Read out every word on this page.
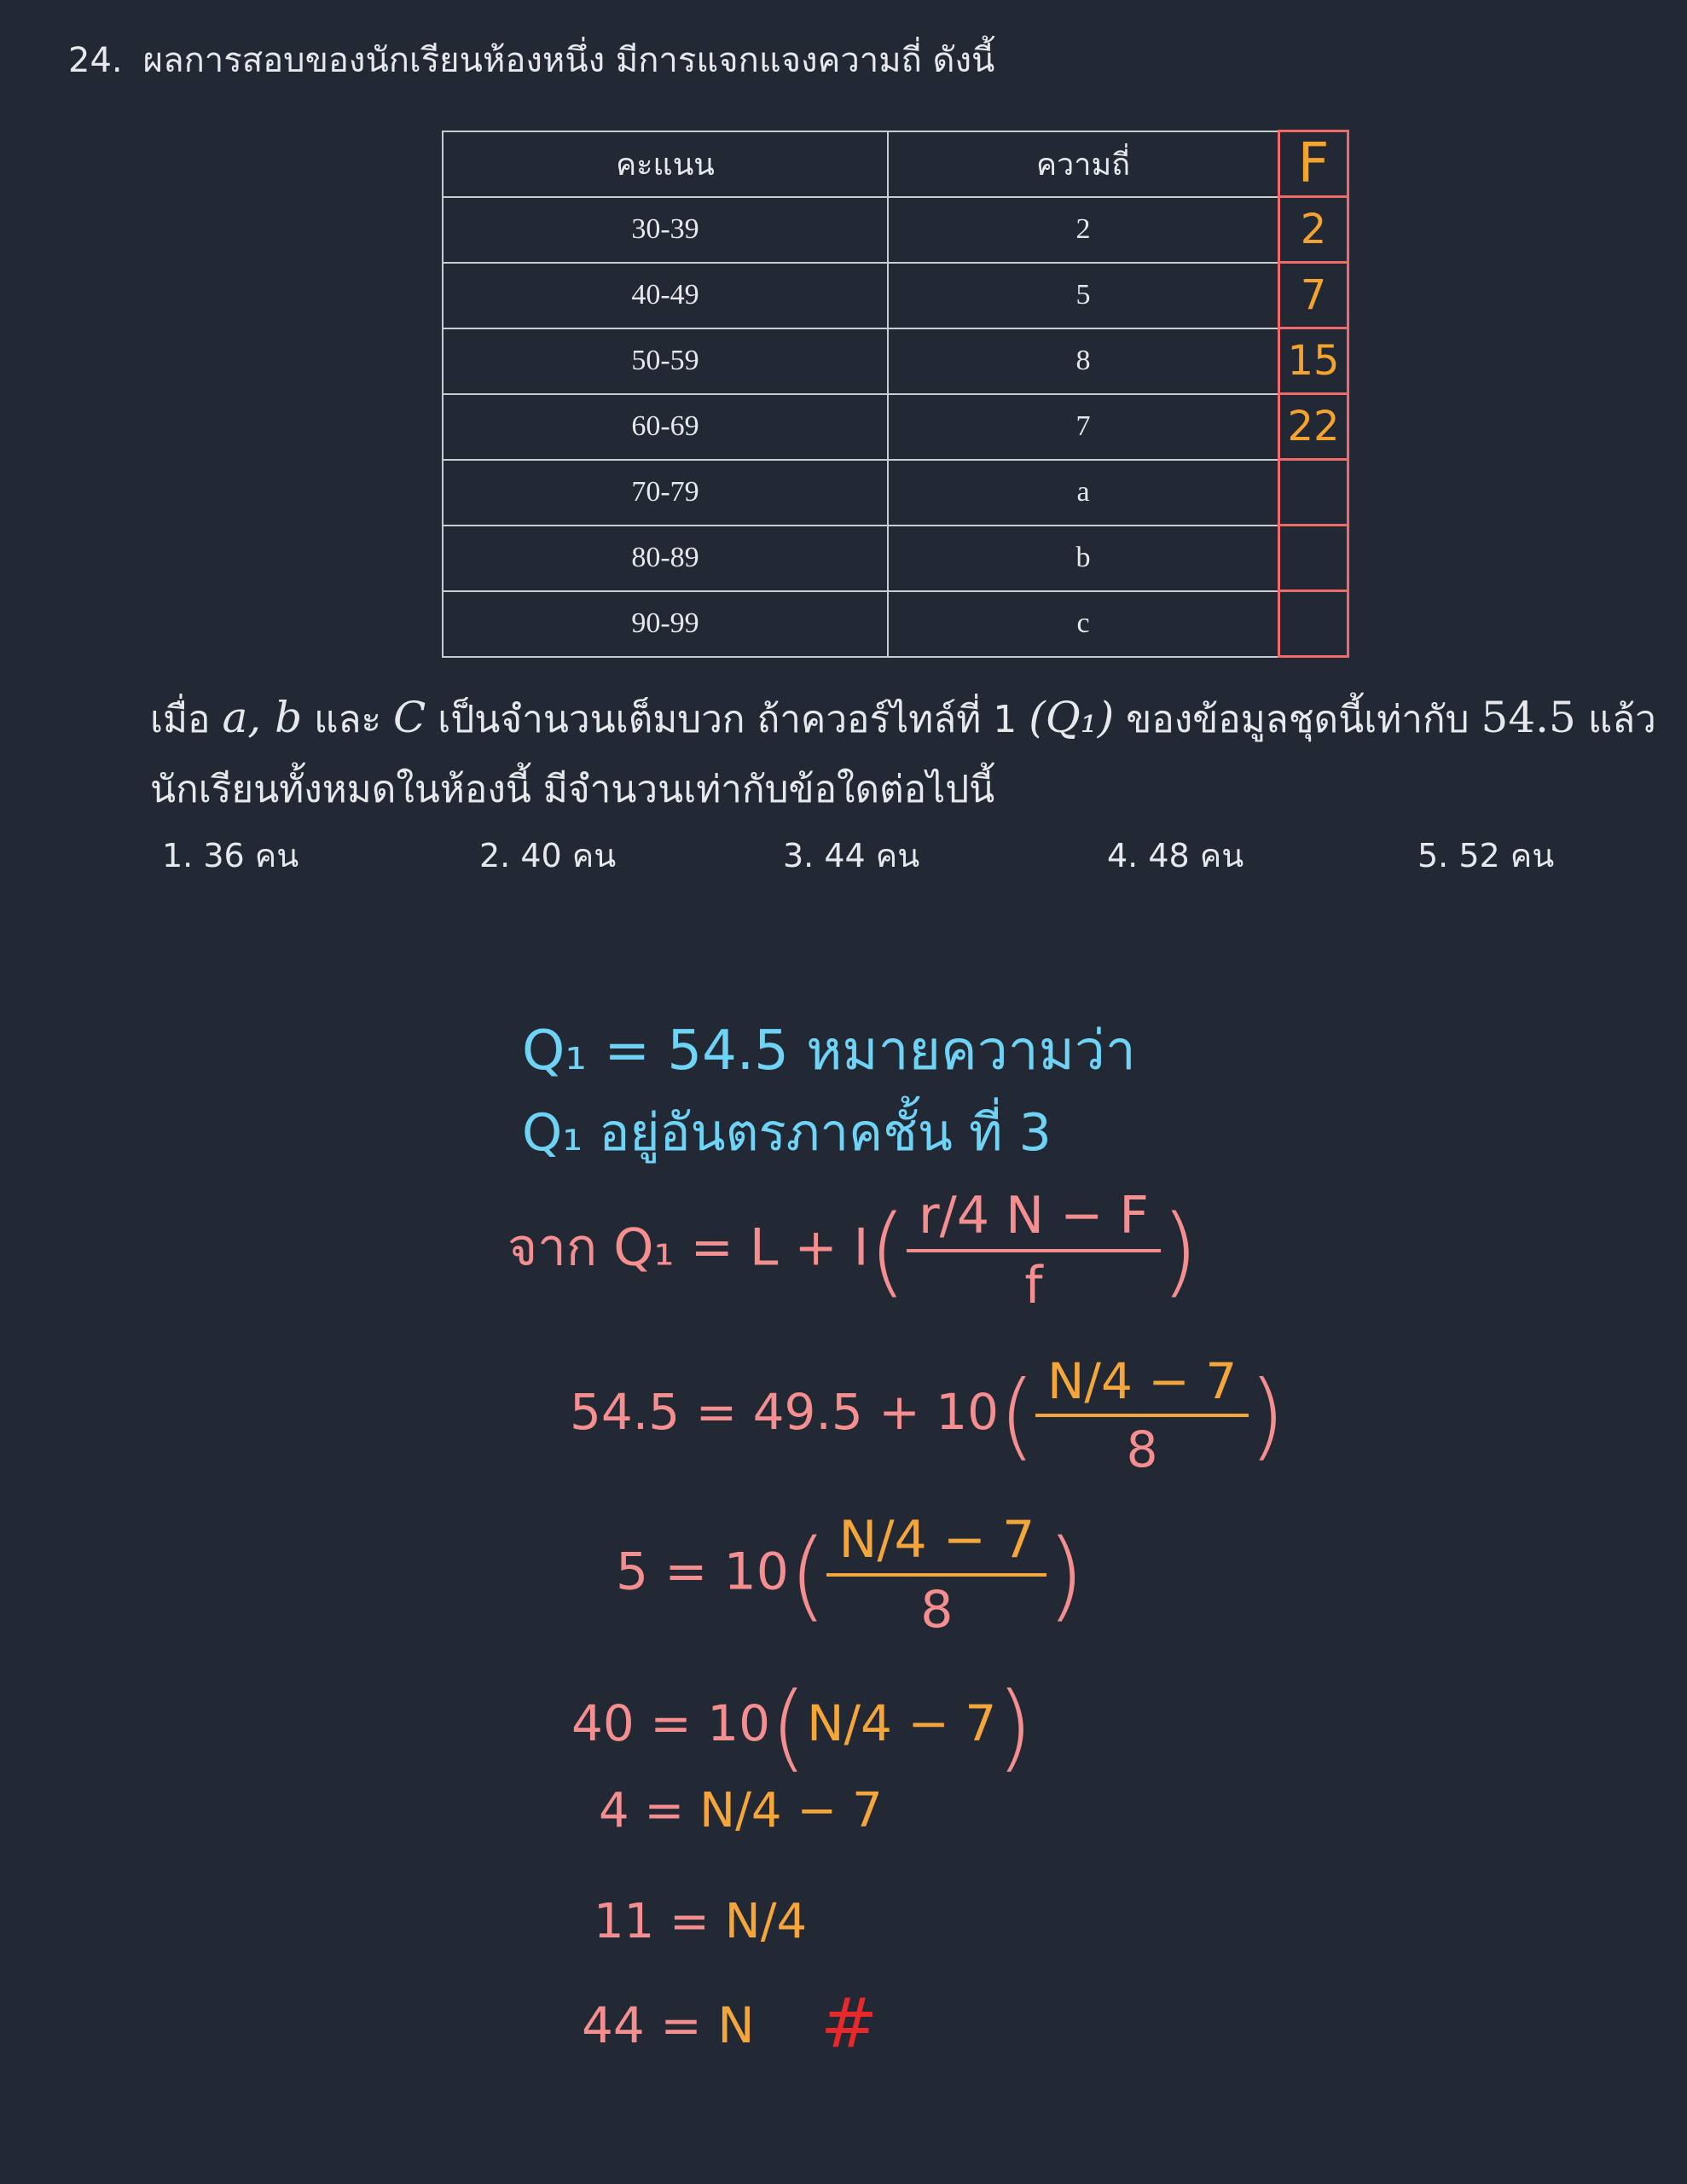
24. ผลการสอบของนักเรียนห้องหนึ่ง มีการแจกแจงความถี่ ดังนี้
คะแนน	ความถี่	F
30-39	2	2
40-49	5	7
50-59	8	15
60-69	7	22
70-79	a	
80-89	b	
90-99	c	
เมื่อ a, b และ C เป็นจำนวนเต็มบวก ถ้าควอร์ไทล์ที่ 1 (Q₁) ของข้อมูลชุดนี้เท่ากับ 54.5 แล้ว
นักเรียนทั้งหมดในห้องนี้ มีจำนวนเท่ากับข้อใดต่อไปนี้
1. 36 คน	2. 40 คน	3. 44 คน	4. 48 คน	5. 52 คน
Q₁ = 54.5 หมายความว่า
Q₁ อยู่อันตรภาคชั้น ที่ 3
จาก $Q_1 = L + I( \frac{r/4 N - F}{f}$ )
$54.5 = 49.5 + 10( \frac{N/4 - 7}{8}$ )
$5 = 10( \frac{N/4 - 7}{8}$ )
40 = 10(N/4 − 7)
4 = N/4 − 7
11 = N/4
44 = N #
